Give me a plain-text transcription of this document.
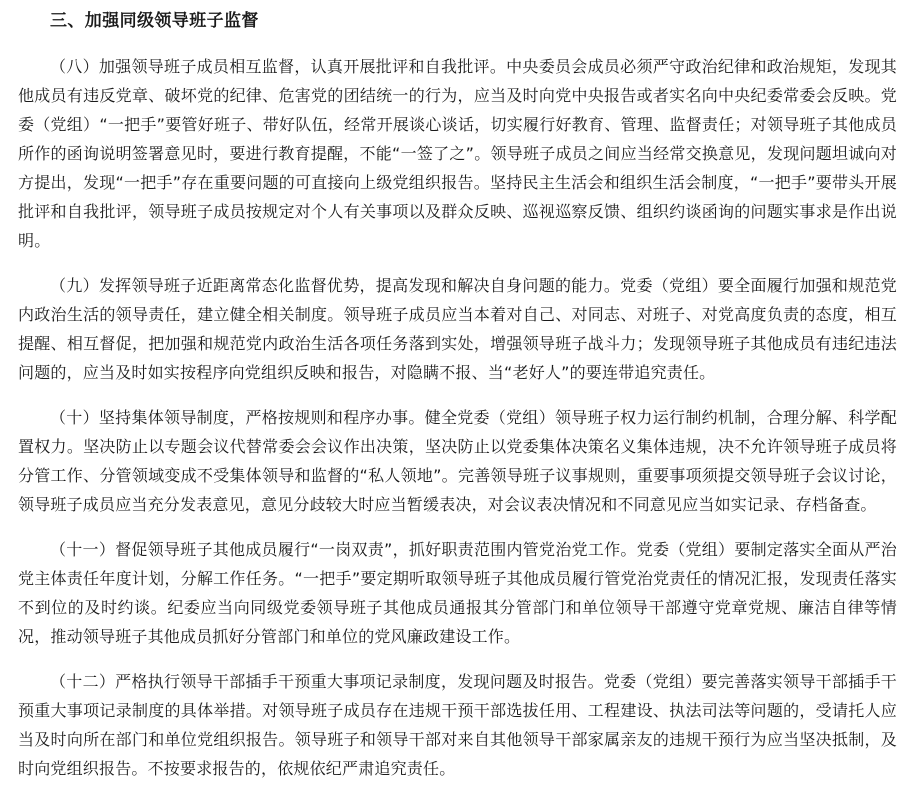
三、加强同级领导班子监督

（八）加强领导班子成员相互监督，认真开展批评和自我批评。中央委员会成员必须严守政治纪律和政治规矩，发现其他成员有违反党章、破坏党的纪律、危害党的团结统一的行为，应当及时向党中央报告或者实名向中央纪委常委会反映。党委（党组）“一把手”要管好班子、带好队伍，经常开展谈心谈话，切实履行好教育、管理、监督责任；对领导班子其他成员所作的函询说明签署意见时，要进行教育提醒，不能“一签了之”。领导班子成员之间应当经常交换意见，发现问题坦诚向对方提出，发现“一把手”存在重要问题的可直接向上级党组织报告。坚持民主生活会和组织生活会制度，“一把手”要带头开展批评和自我批评，领导班子成员按规定对个人有关事项以及群众反映、巡视巡察反馈、组织约谈函询的问题实事求是作出说明。

（九）发挥领导班子近距离常态化监督优势，提高发现和解决自身问题的能力。党委（党组）要全面履行加强和规范党内政治生活的领导责任，建立健全相关制度。领导班子成员应当本着对自己、对同志、对班子、对党高度负责的态度，相互提醒、相互督促，把加强和规范党内政治生活各项任务落到实处，增强领导班子战斗力；发现领导班子其他成员有违纪违法问题的，应当及时如实按程序向党组织反映和报告，对隐瞒不报、当“老好人”的要连带追究责任。

（十）坚持集体领导制度，严格按规则和程序办事。健全党委（党组）领导班子权力运行制约机制，合理分解、科学配置权力。坚决防止以专题会议代替常委会会议作出决策，坚决防止以党委集体决策名义集体违规，决不允许领导班子成员将分管工作、分管领域变成不受集体领导和监督的“私人领地”。完善领导班子议事规则，重要事项须提交领导班子会议讨论，领导班子成员应当充分发表意见，意见分歧较大时应当暂缓表决，对会议表决情况和不同意见应当如实记录、存档备查。

（十一）督促领导班子其他成员履行“一岗双责”，抓好职责范围内管党治党工作。党委（党组）要制定落实全面从严治党主体责任年度计划，分解工作任务。“一把手”要定期听取领导班子其他成员履行管党治党责任的情况汇报，发现责任落实不到位的及时约谈。纪委应当向同级党委领导班子其他成员通报其分管部门和单位领导干部遵守党章党规、廉洁自律等情况，推动领导班子其他成员抓好分管部门和单位的党风廉政建设工作。

（十二）严格执行领导干部插手干预重大事项记录制度，发现问题及时报告。党委（党组）要完善落实领导干部插手干预重大事项记录制度的具体举措。对领导班子成员存在违规干预干部选拔任用、工程建设、执法司法等问题的，受请托人应当及时向所在部门和单位党组织报告。领导班子和领导干部对来自其他领导干部家属亲友的违规干预行为应当坚决抵制，及时向党组织报告。不按要求报告的，依规依纪严肃追究责任。
